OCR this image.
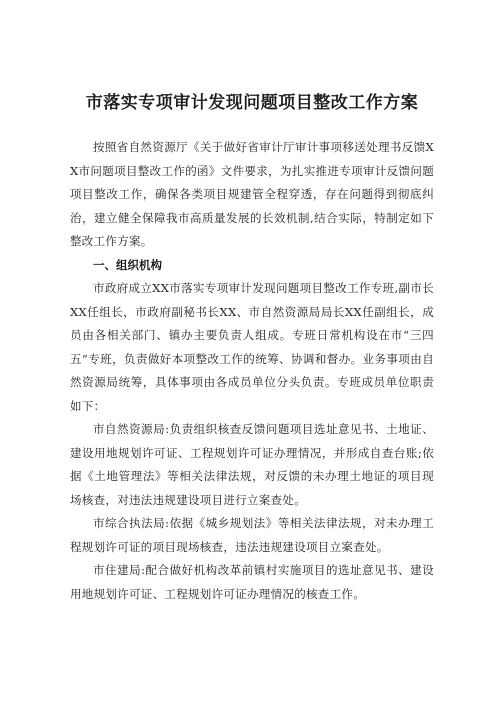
市落实专项审计发现问题项目整改工作方案

按照省自然资源厅《关于做好省审计厅审计事项移送处理书反馈XX市问题项目整改工作的函》文件要求，为扎实推进专项审计反馈问题项目整改工作，确保各类项目规建管全程穿透，存在问题得到彻底纠治，建立健全保障我市高质量发展的长效机制,结合实际，特制定如下整改工作方案。

一、组织机构

市政府成立XX市落实专项审计发现问题项目整改工作专班,副市长XX任组长，市政府副秘书长XX、市自然资源局局长XX任副组长，成员由各相关部门、镇办主要负责人组成。专班日常机构设在市“三四五”专班，负责做好本项整改工作的统筹、协调和督办。业务事项由自然资源局统筹，具体事项由各成员单位分头负责。专班成员单位职责如下：

市自然资源局:负责组织核查反馈问题项目选址意见书、土地证、建设用地规划许可证、工程规划许可证办理情况，并形成自查台账;依据《土地管理法》等相关法律法规，对反馈的未办理土地证的项目现场核查，对违法违规建设项目进行立案查处。

市综合执法局:依据《城乡规划法》等相关法律法规，对未办理工程规划许可证的项目现场核查，违法违规建设项目立案查处。

市住建局:配合做好机构改革前镇村实施项目的选址意见书、建设用地规划许可证、工程规划许可证办理情况的核查工作。
